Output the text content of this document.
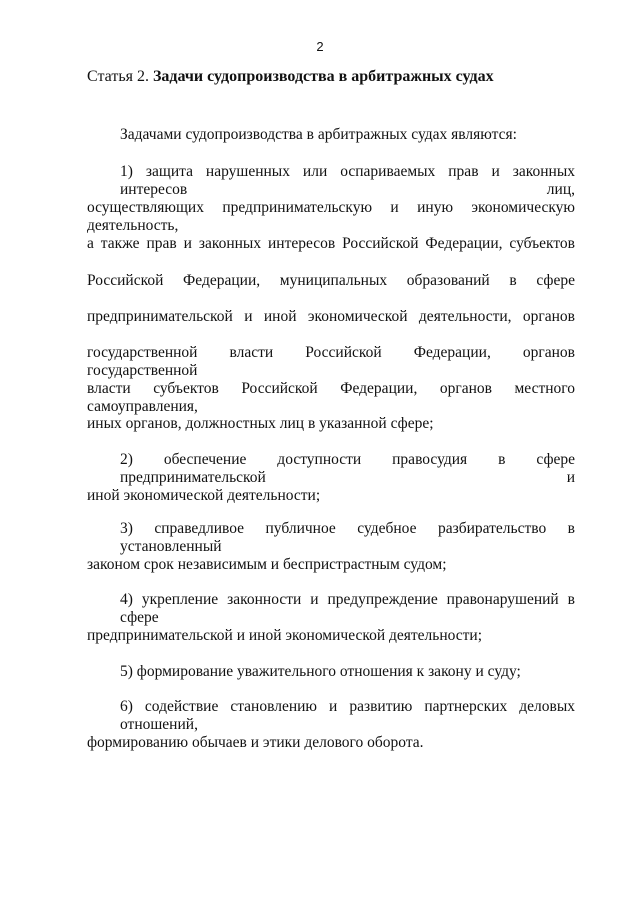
2
Статья 2. Задачи судопроизводства в арбитражных судах
Задачами судопроизводства в арбитражных судах являются:
1) защита нарушенных или оспариваемых прав и законных интересов лиц,
осуществляющих предпринимательскую и иную экономическую деятельность,
а также прав и законных интересов Российской Федерации, субъектов
Российской Федерации, муниципальных образований в сфере
предпринимательской и иной экономической деятельности, органов
государственной власти Российской Федерации, органов государственной
власти субъектов Российской Федерации, органов местного самоуправления,
иных органов, должностных лиц в указанной сфере;
2) обеспечение доступности правосудия в сфере предпринимательской и
иной экономической деятельности;
3) справедливое публичное судебное разбирательство в установленный
законом срок независимым и беспристрастным судом;
4) укрепление законности и предупреждение правонарушений в сфере
предпринимательской и иной экономической деятельности;
5) формирование уважительного отношения к закону и суду;
6) содействие становлению и развитию партнерских деловых отношений,
формированию обычаев и этики делового оборота.
